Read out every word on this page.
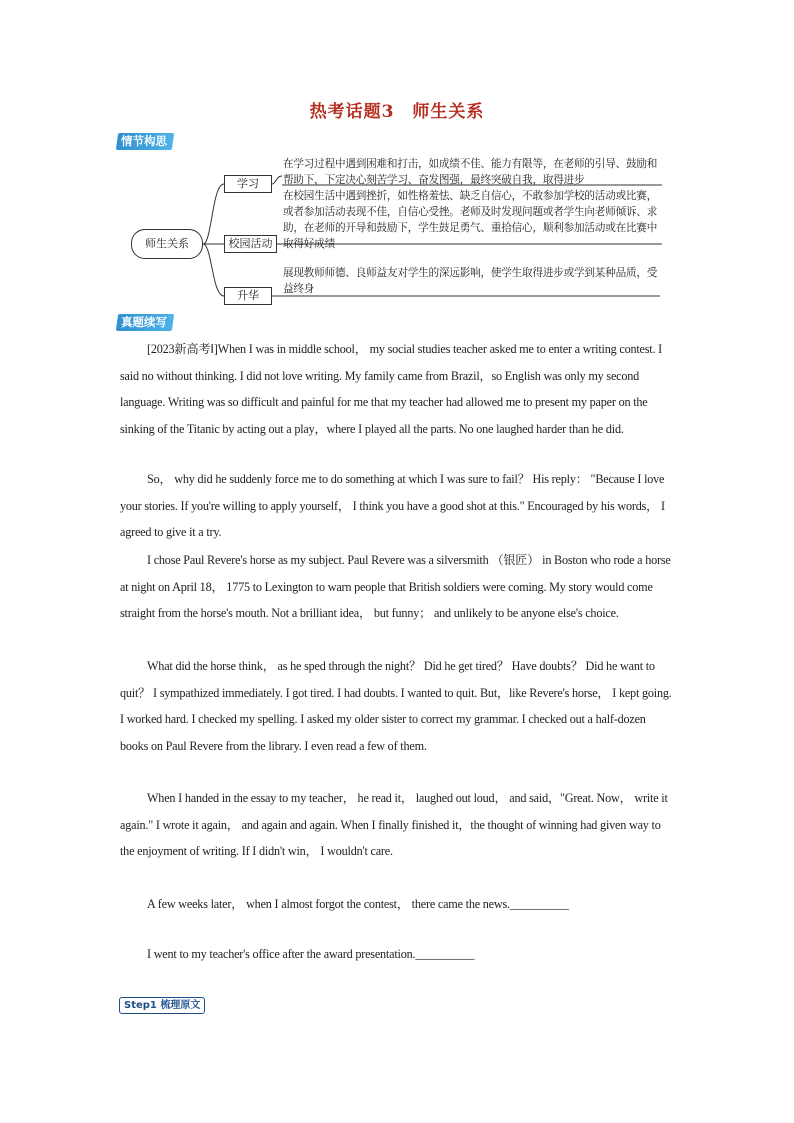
热考话题3　师生关系
情节构思
师生关系
学习
校园活动
升华
在学习过程中遇到困难和打击，如成绩不佳、能力有限等，在老师的引导、鼓励和帮助下，下定决心刻苦学习、奋发图强，最终突破自我，取得进步
在校园生活中遇到挫折，如性格羞怯、缺乏自信心，不敢参加学校的活动或比赛，或者参加活动表现不佳，自信心受挫。老师及时发现问题或者学生向老师倾诉、求助，在老师的开导和鼓励下，学生鼓足勇气、重拾信心，顺利参加活动或在比赛中取得好成绩
展现教师师德、良师益友对学生的深远影响，使学生取得进步或学到某种品质，受益终身
真题续写
[2023新高考Ⅰ]When I was in middle school， my social studies teacher asked me to enter a writing contest. I said no without thinking. I did not love writing. My family came from Brazil，so English was only my second language. Writing was so difficult and painful for me that my teacher had allowed me to present my paper on the sinking of the Titanic by acting out a play，where I played all the parts. No one laughed harder than he did.
So， why did he suddenly force me to do something at which I was sure to fail？ His reply： "Because I love your stories. If you're willing to apply yourself， I think you have a good shot at this." Encouraged by his words， I agreed to give it a try.
I chose Paul Revere's horse as my subject. Paul Revere was a silversmith （银匠） in Boston who rode a horse at night on April 18， 1775 to Lexington to warn people that British soldiers were coming. My story would come straight from the horse's mouth. Not a brilliant idea， but funny； and unlikely to be anyone else's choice.
What did the horse think， as he sped through the night？ Did he get tired？ Have doubts？ Did he want to quit？ I sympathized immediately. I got tired. I had doubts. I wanted to quit. But，like Revere's horse， I kept going. I worked hard. I checked my spelling. I asked my older sister to correct my grammar. I checked out a half-dozen books on Paul Revere from the library. I even read a few of them.
When I handed in the essay to my teacher， he read it， laughed out loud， and said，"Great. Now， write it again." I wrote it again， and again and again. When I finally finished it，the thought of winning had given way to the enjoyment of writing. If I didn't win， I wouldn't care.
A few weeks later， when I almost forgot the contest， there came the news.__________
I went to my teacher's office after the award presentation.__________
Step1 梳理原文
